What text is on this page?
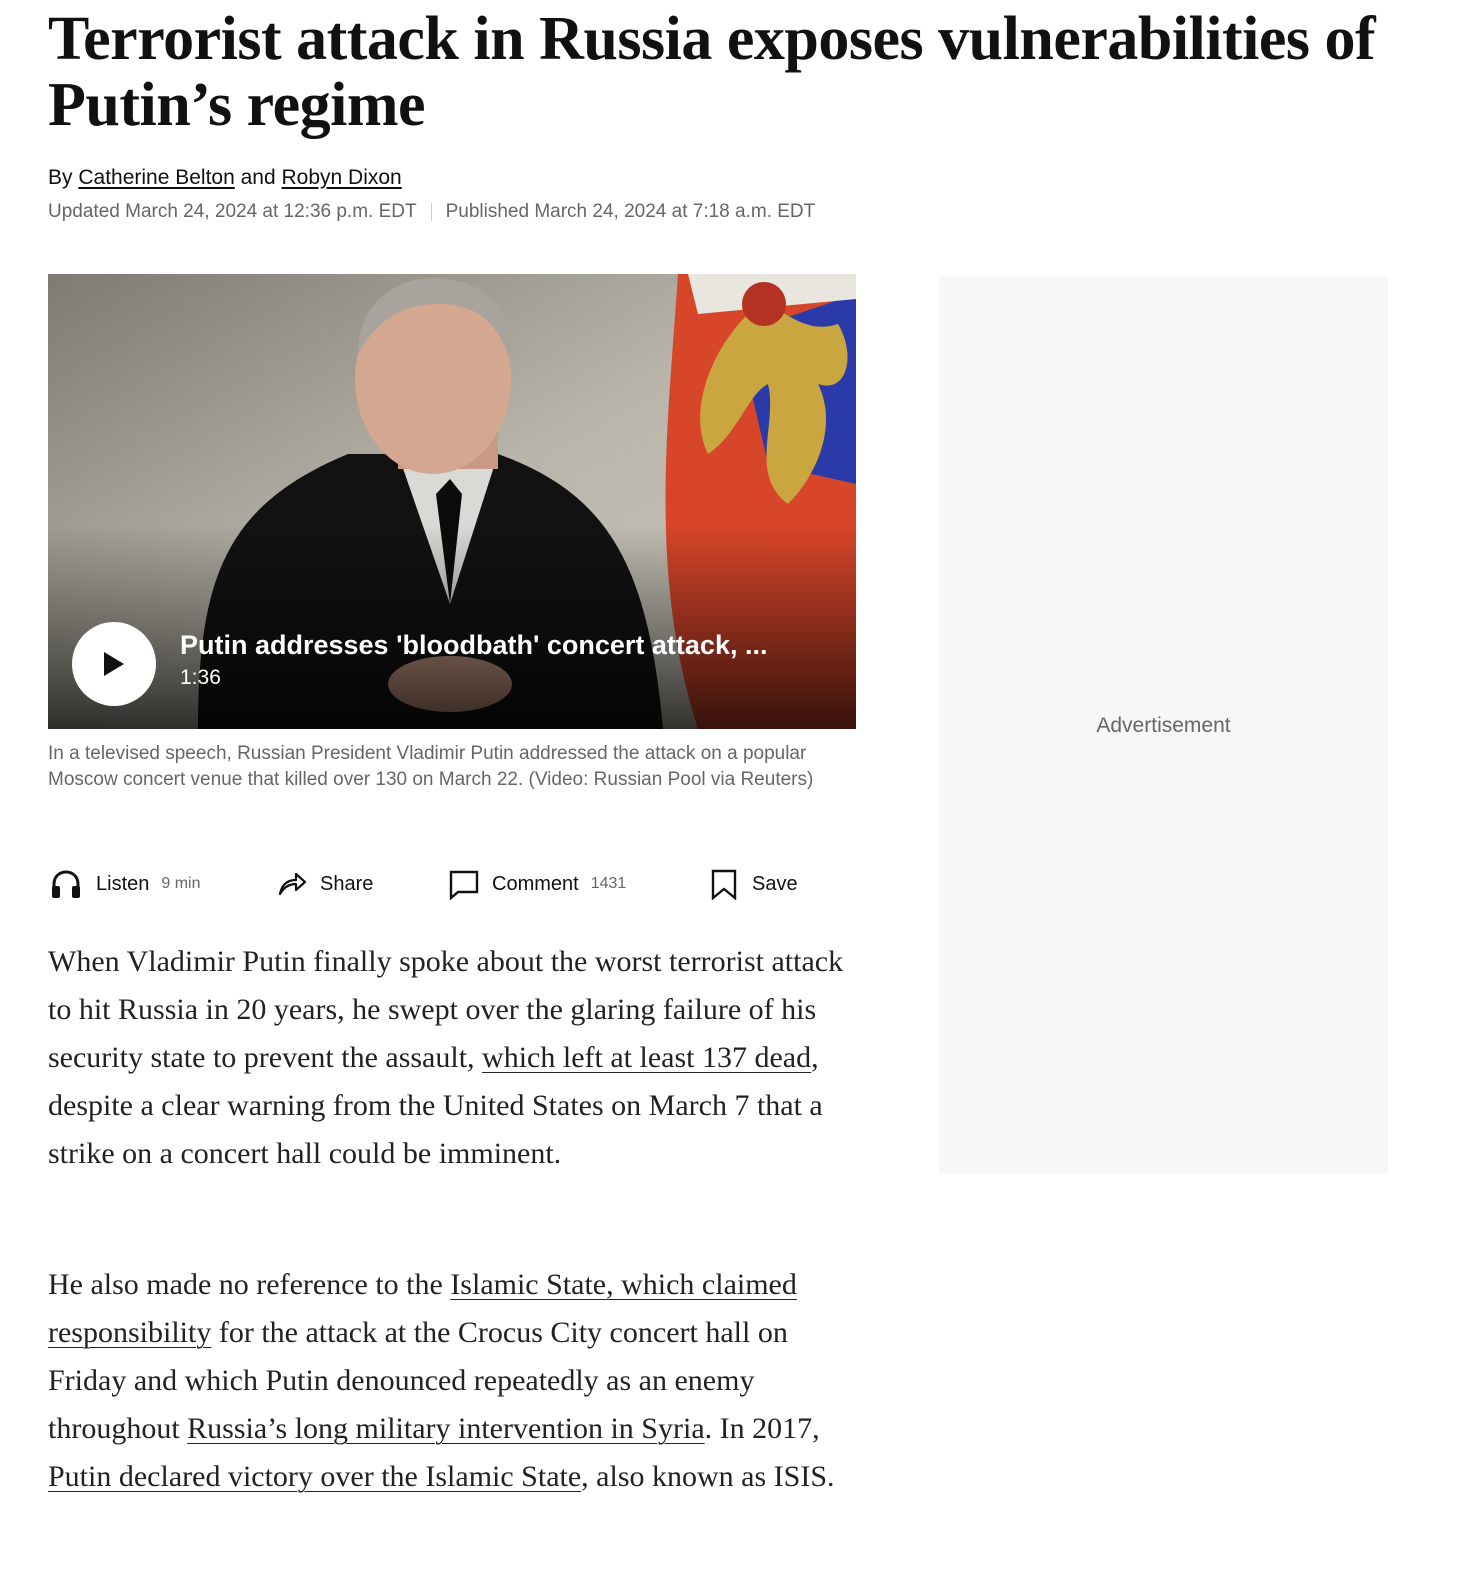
Terrorist attack in Russia exposes vulnerabilities of Putin’s regime
By Catherine Belton and Robyn Dixon
Updated March 24, 2024 at 12:36 p.m. EDT Published March 24, 2024 at 7:18 a.m. EDT
Putin addresses 'bloodbath' concert attack, ...
1:36

In a televised speech, Russian President Vladimir Putin addressed the attack on a popular Moscow concert venue that killed over 130 on March 22. (Video: Russian Pool via Reuters)

Listen 9 min	Share	Comment 1431	Save

When Vladimir Putin finally spoke about the worst terrorist attack to hit Russia in 20 years, he swept over the glaring failure of his security state to prevent the assault, which left at least 137 dead, despite a clear warning from the United States on March 7 that a strike on a concert hall could be imminent.

He also made no reference to the Islamic State, which claimed responsibility for the attack at the Crocus City concert hall on Friday and which Putin denounced repeatedly as an enemy throughout Russia’s long military intervention in Syria. In 2017, Putin declared victory over the Islamic State, also known as ISIS.

Advertisement
